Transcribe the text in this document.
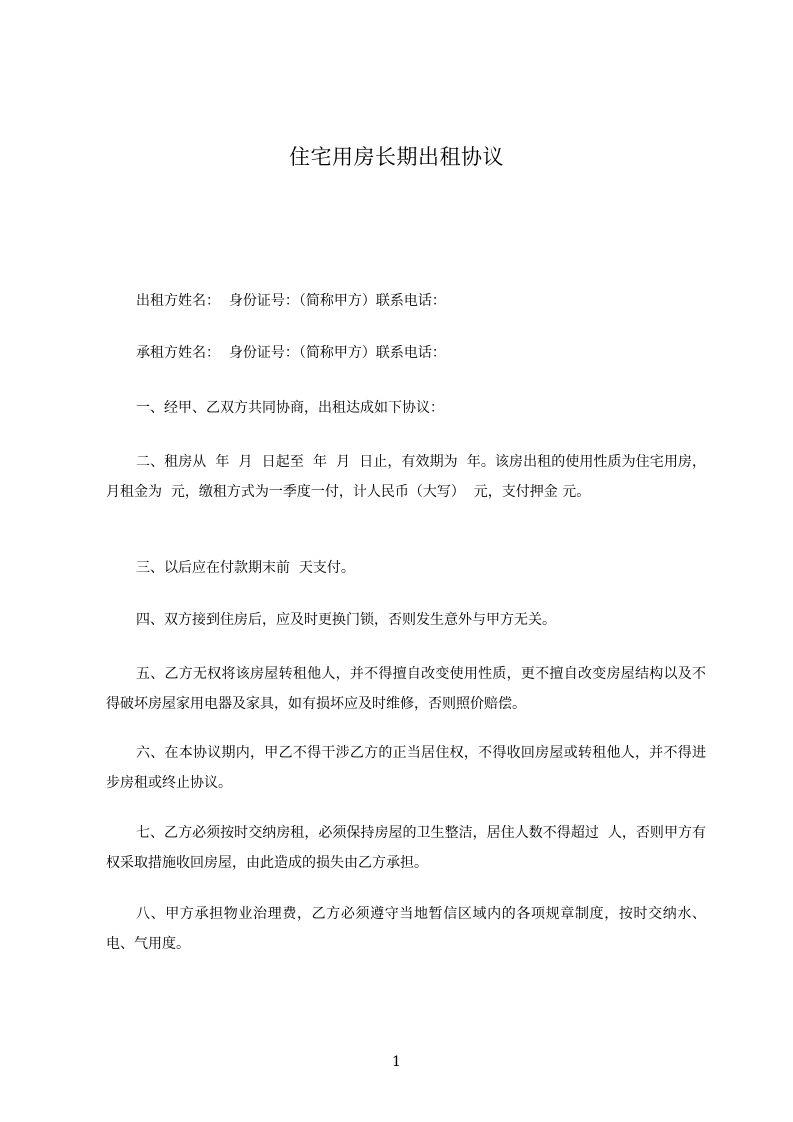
住宅用房长期出租协议

出租方姓名：  身份证号：（简称甲方）联系电话：

承租方姓名：  身份证号：（简称甲方）联系电话：

一、经甲、乙双方共同协商，出租达成如下协议：

二、租房从  年  月  日起至  年  月  日止，有效期为  年。该房出租的使用性质为住宅用房，月租金为  元，缴租方式为一季度一付，计人民币（大写）  元，支付押金 元。

三、以后应在付款期末前  天支付。

四、双方接到住房后，应及时更换门锁，否则发生意外与甲方无关。

五、乙方无权将该房屋转租他人，并不得擅自改变使用性质，更不擅自改变房屋结构以及不得破坏房屋家用电器及家具，如有损坏应及时维修，否则照价赔偿。

六、在本协议期内，甲乙不得干涉乙方的正当居住权，不得收回房屋或转租他人，并不得进步房租或终止协议。

七、乙方必须按时交纳房租，必须保持房屋的卫生整洁，居住人数不得超过  人，否则甲方有权采取措施收回房屋，由此造成的损失由乙方承担。

八、甲方承担物业治理费，乙方必须遵守当地暂信区域内的各项规章制度，按时交纳水、电、气用度。

1
